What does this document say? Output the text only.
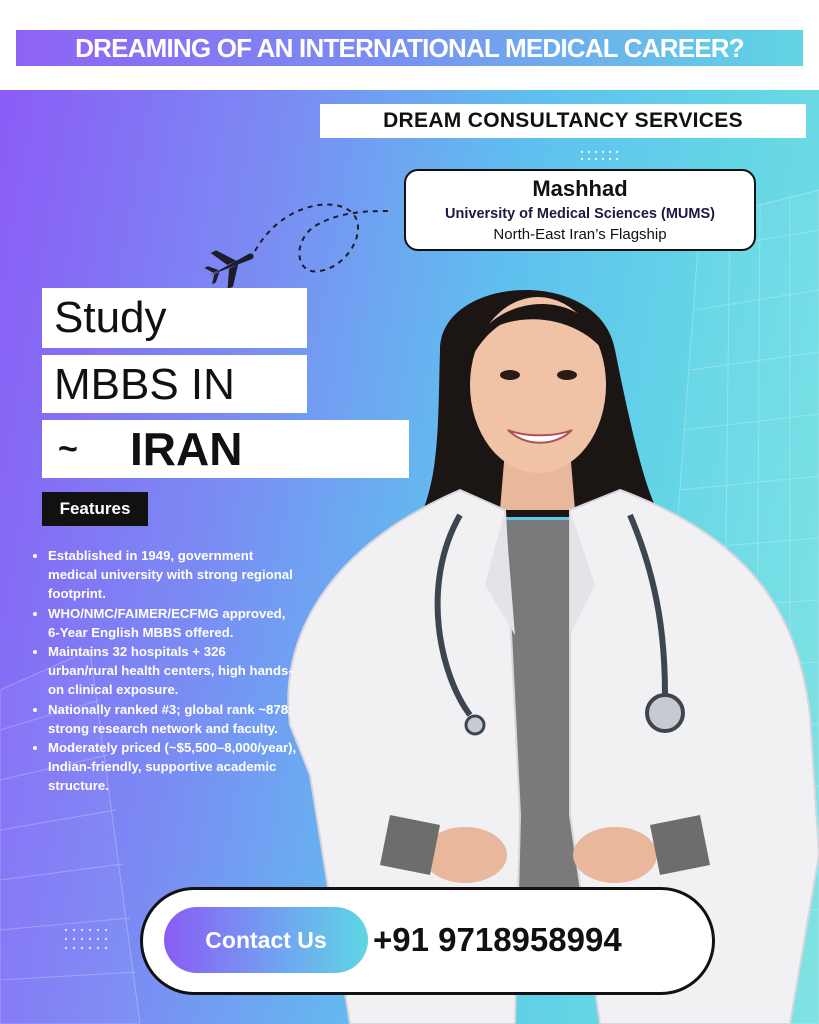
DREAMING OF AN INTERNATIONAL MEDICAL CAREER?
DREAM CONSULTANCY SERVICES
Mashhad
University of Medical Sciences (MUMS)
North-East Iran’s Flagship
Study
MBBS IN
~ IRAN
Features
• Established in 1949, government medical university with strong regional footprint.
• WHO/NMC/FAIMER/ECFMG approved, 6-Year English MBBS offered.
• Maintains 32 hospitals + 326 urban/rural health centers, high hands-on clinical exposure.
• Nationally ranked #3; global rank ~878; strong research network and faculty.
• Moderately priced (~$5,500–8,000/year), Indian-friendly, supportive academic structure.
Contact Us	+91 9718958994
